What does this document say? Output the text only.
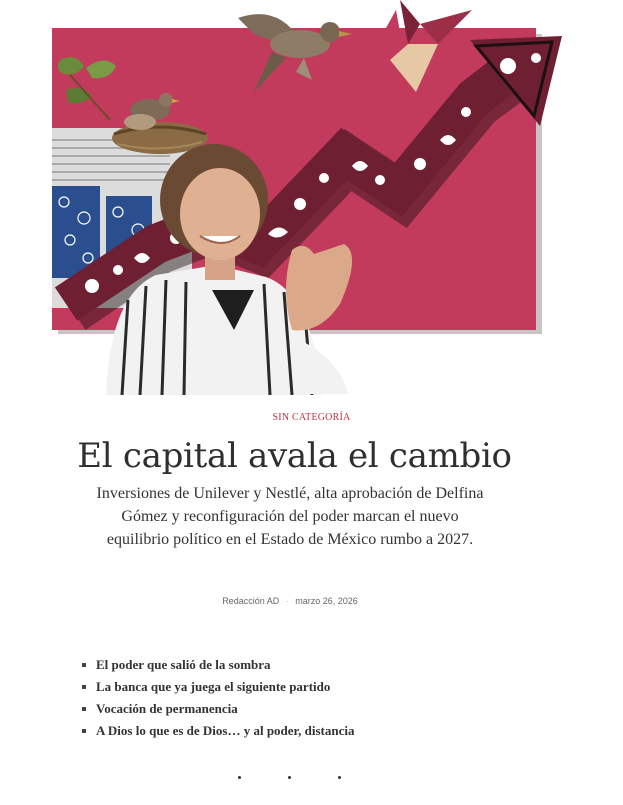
SIN CATEGORÍA
El capital avala el cambio

Inversiones de Unilever y Nestlé, alta aprobación de Delfina Gómez y reconfiguración del poder marcan el nuevo equilibrio político en el Estado de México rumbo a 2027.

Redacción AD · marzo 26, 2026
El poder que salió de la sombra
La banca que ya juega el siguiente partido
Vocación de permanencia
A Dios lo que es de Dios… y al poder, distancia
